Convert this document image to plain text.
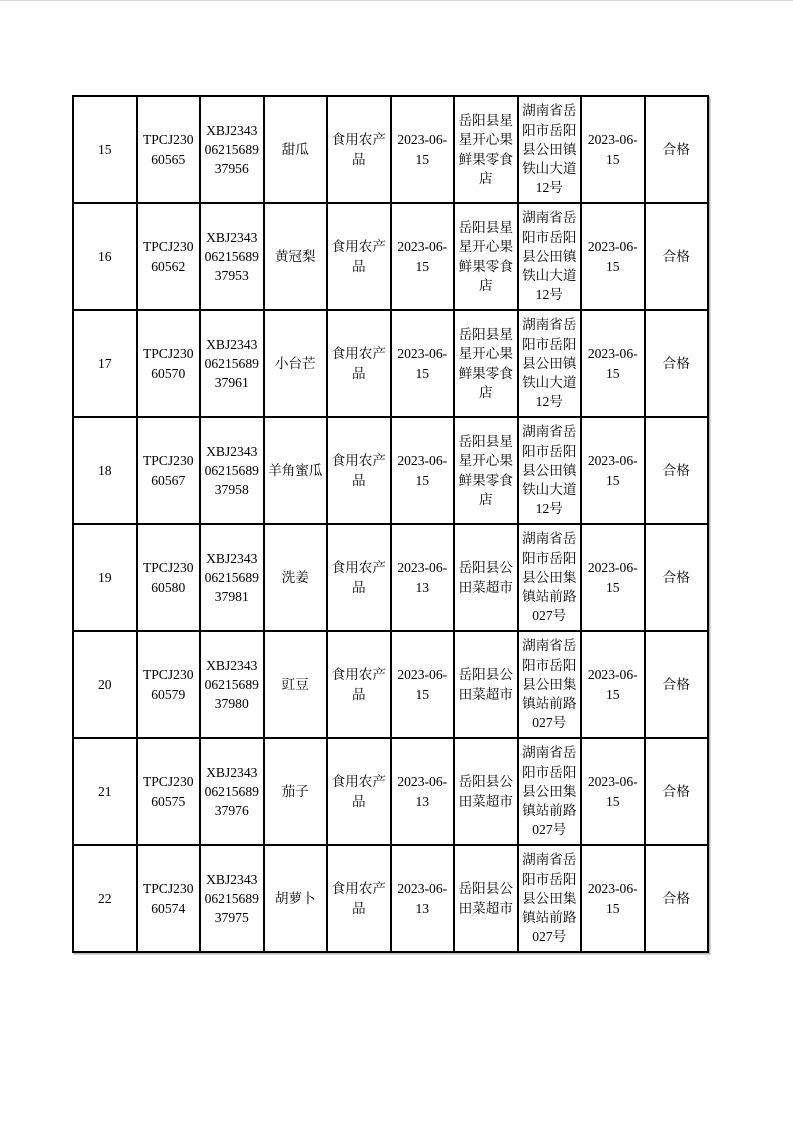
15	TPCJ23060565	XBJ23430621568937956	甜瓜	食用农产品	2023-06-15	岳阳县星星开心果鲜果零食店	湖南省岳阳市岳阳县公田镇铁山大道12号	2023-06-15	合格
16	TPCJ23060562	XBJ23430621568937953	黄冠梨	食用农产品	2023-06-15	岳阳县星星开心果鲜果零食店	湖南省岳阳市岳阳县公田镇铁山大道12号	2023-06-15	合格
17	TPCJ23060570	XBJ23430621568937961	小台芒	食用农产品	2023-06-15	岳阳县星星开心果鲜果零食店	湖南省岳阳市岳阳县公田镇铁山大道12号	2023-06-15	合格
18	TPCJ23060567	XBJ23430621568937958	羊角蜜瓜	食用农产品	2023-06-15	岳阳县星星开心果鲜果零食店	湖南省岳阳市岳阳县公田镇铁山大道12号	2023-06-15	合格
19	TPCJ23060580	XBJ23430621568937981	洗姜	食用农产品	2023-06-13	岳阳县公田菜超市	湖南省岳阳市岳阳县公田集镇站前路027号	2023-06-15	合格
20	TPCJ23060579	XBJ23430621568937980	豇豆	食用农产品	2023-06-15	岳阳县公田菜超市	湖南省岳阳市岳阳县公田集镇站前路027号	2023-06-15	合格
21	TPCJ23060575	XBJ23430621568937976	茄子	食用农产品	2023-06-13	岳阳县公田菜超市	湖南省岳阳市岳阳县公田集镇站前路027号	2023-06-15	合格
22	TPCJ23060574	XBJ23430621568937975	胡萝卜	食用农产品	2023-06-13	岳阳县公田菜超市	湖南省岳阳市岳阳县公田集镇站前路027号	2023-06-15	合格
